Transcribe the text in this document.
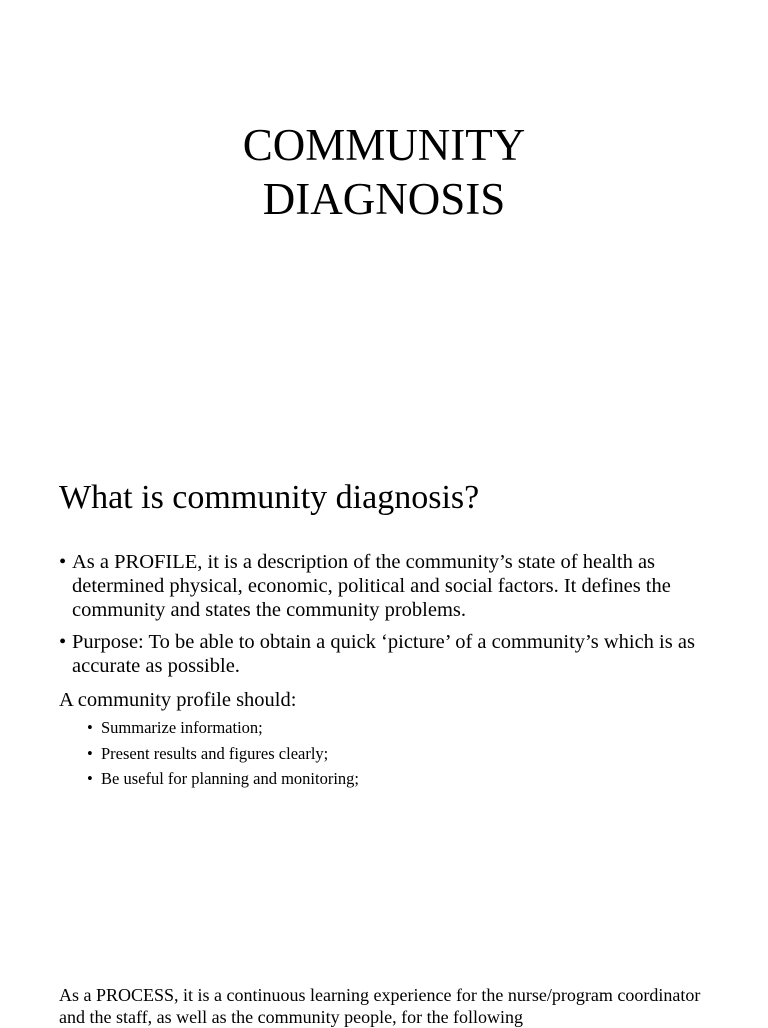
COMMUNITY
DIAGNOSIS
What is community diagnosis?
• As a PROFILE, it is a description of the community’s state of health as determined physical, economic, political and social factors. It defines the community and states the community problems.
• Purpose: To be able to obtain a quick ‘picture’ of a community’s which is as accurate as possible.

A community profile should:

• Summarize information;
• Present results and figures clearly;
• Be useful for planning and monitoring;

As a PROCESS, it is a continuous learning experience for the nurse/program coordinator and the staff, as well as the community people, for the following
